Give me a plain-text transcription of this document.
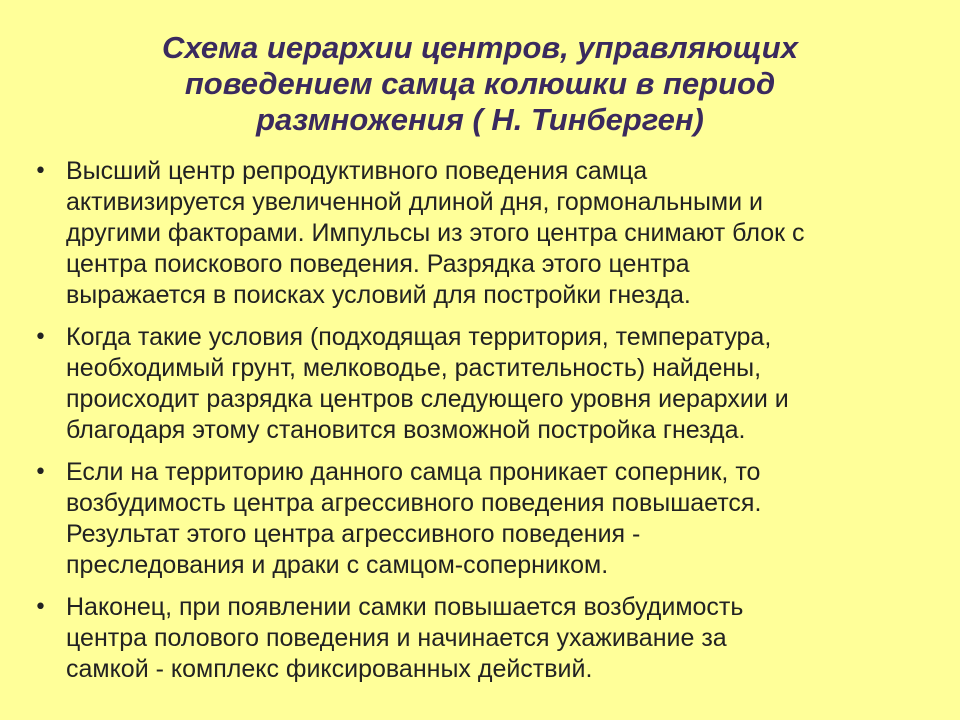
Схема иерархии центров, управляющих
поведением самца колюшки в период
размножения ( Н. Тинберген)
• Высший центр репродуктивного поведения самца
активизируется увеличенной длиной дня, гормональными и
другими факторами. Импульсы из этого центра снимают блок с
центра поискового поведения. Разрядка этого центра
выражается в поисках условий для постройки гнезда.
• Когда такие условия (подходящая территория, температура,
необходимый грунт, мелководье, растительность) найдены,
происходит разрядка центров следующего уровня иерархии и
благодаря этому становится возможной постройка гнезда.
• Если на территорию данного самца проникает соперник, то
возбудимость центра агрессивного поведения повышается.
Результат этого центра агрессивного поведения -
преследования и драки с самцом-соперником.
• Наконец, при появлении самки повышается возбудимость
центра полового поведения и начинается ухаживание за
самкой - комплекс фиксированных действий.
